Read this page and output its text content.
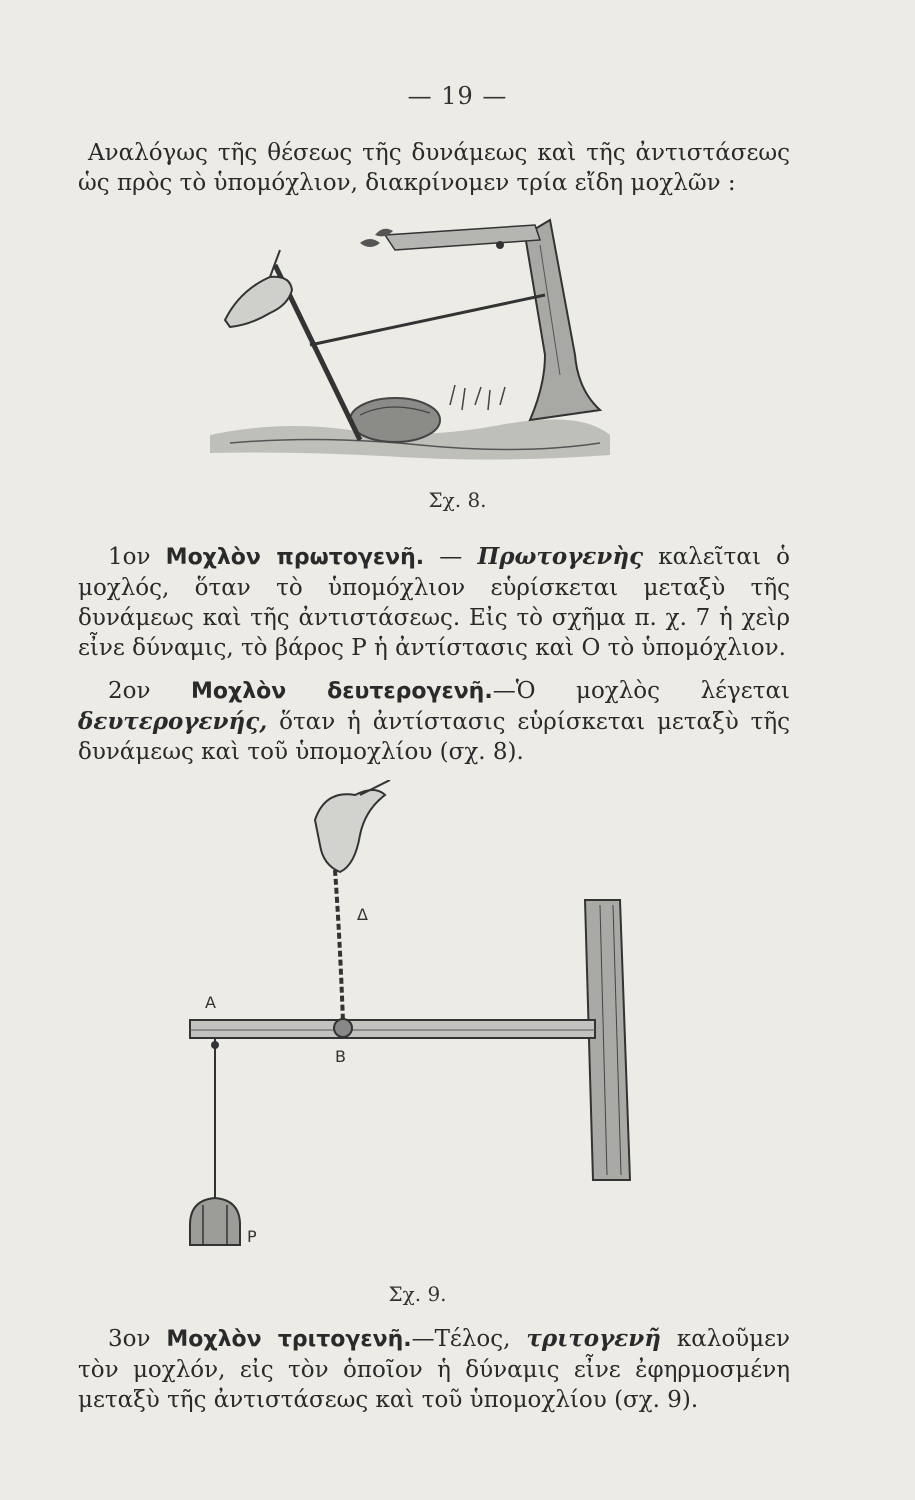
— 19 —

Αναλόγως τῆς θέσεως τῆς δυνάμεως καὶ τῆς ἀντιστάσεως ὡς πρὸς τὸ ὑπομόχλιον, διακρίνομεν τρία εἴδη μοχλῶν :

Σχ. 8.

1ον Μοχλὸν πρωτογενῆ. — Πρωτογενὴς καλεῖται ὁ μοχλός, ὅταν τὸ ὑπομόχλιον εὑρίσκεται μεταξὺ τῆς δυνάμεως καὶ τῆς ἀντιστάσεως. Εἰς τὸ σχῆμα π. χ. 7 ἡ χεὶρ εἶνε δύναμις, τὸ βάρος Ρ ἡ ἀντίστασις καὶ Ο τὸ ὑπομόχλιον.

2ον Μοχλὸν δευτερογενῆ.—Ὁ μοχλὸς λέγεται δευτερογενής, ὅταν ἡ ἀντίστασις εὑρίσκεται μεταξὺ τῆς δυνάμεως καὶ τοῦ ὑπομοχλίου (σχ. 8).

Δ
Α
Β
Ρ
Σχ. 9.

3ον Μοχλὸν τριτογενῆ.—Τέλος, τριτογενῆ καλοῦμεν τὸν μοχλόν, εἰς τὸν ὁποῖον ἡ δύναμις εἶνε ἐφηρμοσμένη μεταξὺ τῆς ἀντιστάσεως καὶ τοῦ ὑπομοχλίου (σχ. 9).
